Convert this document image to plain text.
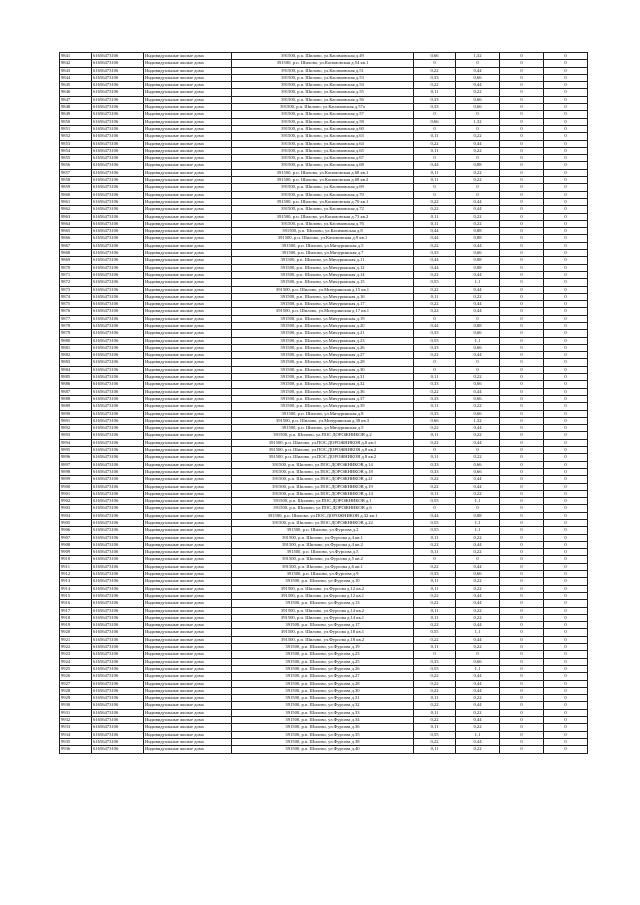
9841	61656473106	Индивидуальные жилые дома	391500, р.п. Шилово, ул.Касимовская д.49	0,66	1,32	0	0
9842	61656473106	Индивидуальные жилые дома	391500, р.п. Шилово, ул.Касимовская д.54 кв.1	0	0	0	0
9843	61656473106	Индивидуальные жилые дома	391500, р.п. Шилово, ул.Касимовская д.51	0,22	0,44	0	0
9844	61656473106	Индивидуальные жилые дома	391500, р.п. Шилово, ул.Касимовская д.53	0,33	0,66	0	0
9845	61656473106	Индивидуальные жилые дома	391500, р.п. Шилово, ул.Касимовская д.54	0,22	0,44	0	0
9846	61656473106	Индивидуальные жилые дома	391500, р.п. Шилово, ул.Касимовская д.55	0,11	0,22	0	0
9847	61656473106	Индивидуальные жилые дома	391500, р.п. Шилово, ул.Касимовская д.56	0,33	0,66	0	0
9848	61656473106	Индивидуальные жилые дома	391500, р.п. Шилово, ул.Касимовская д.57а	0,33	0,66	0	0
9849	61656473106	Индивидуальные жилые дома	391500, р.п. Шилово, ул.Касимовская д.57	0	0	0	0
9850	61656473106	Индивидуальные жилые дома	391500, р.п. Шилово, ул.Касимовская д.58	0,66	1,32	0	0
9851	61656473106	Индивидуальные жилые дома	391500, р.п. Шилово, ул.Касимовская д.60	0	0	0	0
9852	61656473106	Индивидуальные жилые дома	391500, р.п. Шилово, ул.Касимовская д.63	0,11	0,22	0	0
9853	61656473106	Индивидуальные жилые дома	391500, р.п. Шилово, ул.Касимовская д.64	0,22	0,44	0	0
9854	61656473106	Индивидуальные жилые дома	391500, р.п. Шилово, ул.Касимовская д.65	0,11	0,22	0	0
9855	61656473106	Индивидуальные жилые дома	391500, р.п. Шилово, ул.Касимовская д.67	0	0	0	0
9856	61656473106	Индивидуальные жилые дома	391500, р.п. Шилово, ул.Касимовская д.68	0,44	0,88	0	0
9857	61656473106	Индивидуальные жилые дома	391500, р.п. Шилово, ул.Касимовская д.68 кв.1	0,11	0,22	0	0
9858	61656473106	Индивидуальные жилые дома	391500, р.п. Шилово, ул.Касимовская д.68 кв.2	0,11	0,22	0	0
9859	61656473106	Индивидуальные жилые дома	391500, р.п. Шилово, ул.Касимовская д.69	0	0	0	0
9860	61656473106	Индивидуальные жилые дома	391500, р.п. Шилово, ул.Касимовская д.70	0	0	0	0
9861	61656473106	Индивидуальные жилые дома	391500, р.п. Шилово, ул.Касимовская д.70 кв.1	0,22	0,44	0	0
9862	61656473106	Индивидуальные жилые дома	391500, р.п. Шилово, ул.Касимовская д.72	0,22	0,44	0	0
9863	61656473106	Индивидуальные жилые дома	391500, р.п. Шилово, ул.Касимовская д.73 кв.2	0,11	0,22	0	0
9864	61656473106	Индивидуальные жилые дома	391500, р.п. Шилово, ул.Касимовская д.76	0,11	0,22	0	0
9865	61656473106	Индивидуальные жилые дома	391500, р.п. Шилово, ул.Касимовская д.8	0,44	0,88	0	0
9866	61656473106	Индивидуальные жилые дома	391500, р.п. Шилово, ул.Касимовская д.9 кв.1	0,44	0,88	0	0
9867	61656473106	Индивидуальные жилые дома	391500, р.п. Шилово, ул.Мичуринская д.5	0,22	0,44	0	0
9868	61656473106	Индивидуальные жилые дома	391500, р.п. Шилово, ул.Мичуринская д.7	0,33	0,66	0	0
9869	61656473106	Индивидуальные жилые дома	391500, р.п. Шилово, ул.Мичуринская д.11	0,44	0,88	0	0
9870	61656473106	Индивидуальные жилые дома	391500, р.п. Шилово, ул.Мичуринская д.12	0,44	0,88	0	0
9871	61656473106	Индивидуальные жилые дома	391500, р.п. Шилово, ул.Мичуринская д.14	0,22	0,44	0	0
9872	61656473106	Индивидуальные жилые дома	391500, р.п. Шилово, ул.Мичуринская д.15	0,55	1,1	0	0
9873	61656473106	Индивидуальные жилые дома	391500, р.п. Шилово, ул.Мичуринская д.15 кв.1	0,22	0,44	0	0
9874	61656473106	Индивидуальные жилые дома	391500, р.п. Шилово, ул.Мичуринская д.16	0,11	0,22	0	0
9875	61656473106	Индивидуальные жилые дома	391500, р.п. Шилово, ул.Мичуринская д.17	0,22	0,44	0	0
9876	61656473106	Индивидуальные жилые дома	391500, р.п. Шилово, ул.Мичуринская д.17 кв.1	0,22	0,44	0	0
9877	61656473106	Индивидуальные жилые дома	391500, р.п. Шилово, ул.Мичуринская д.19	0	0	0	0
9878	61656473106	Индивидуальные жилые дома	391500, р.п. Шилово, ул.Мичуринская д.20	0,44	0,88	0	0
9879	61656473106	Индивидуальные жилые дома	391500, р.п. Шилово, ул.Мичуринская д.21	0,33	0,66	0	0
9880	61656473106	Индивидуальные жилые дома	391500, р.п. Шилово, ул.Мичуринская д.23	0,55	1,1	0	0
9881	61656473106	Индивидуальные жилые дома	391500, р.п. Шилово, ул.Мичуринская д.26	0,33	0,66	0	0
9882	61656473106	Индивидуальные жилые дома	391500, р.п. Шилово, ул.Мичуринская д.27	0,22	0,44	0	0
9883	61656473106	Индивидуальные жилые дома	391500, р.п. Шилово, ул.Мичуринская д.28	0	0	0	0
9884	61656473106	Индивидуальные жилые дома	391500, р.п. Шилово, ул.Мичуринская д.30	0	0	0	0
9885	61656473106	Индивидуальные жилые дома	391500, р.п. Шилово, ул.Мичуринская д.31	0,11	0,22	0	0
9886	61656473106	Индивидуальные жилые дома	391500, р.п. Шилово, ул.Мичуринская д.32	0,33	0,66	0	0
9887	61656473106	Индивидуальные жилые дома	391500, р.п. Шилово, ул.Мичуринская д.36	0,22	0,44	0	0
9888	61656473106	Индивидуальные жилые дома	391500, р.п. Шилово, ул.Мичуринская д.37	0,33	0,66	0	0
9889	61656473106	Индивидуальные жилые дома	391500, р.п. Шилово, ул.Мичуринская д.39	0,11	0,22	0	0
9890	61656473106	Индивидуальные жилые дома	391500, р.п. Шилово, ул.Мичуринская д.8	0,33	0,66	0	0
9891	61656473106	Индивидуальные жилые дома	391500, р.п. Шилово, ул.Мичуринская д.38 кв.3	0,66	1,32	0	0
9892	61656473106	Индивидуальные жилые дома	391500, р.п. Шилово, ул.Мичуринская д.5	0,22	0,44	0	0
9893	61656473106	Индивидуальные жилые дома	391500, р.п. Шилово, ул.ПОС.ДОРОЖНИКОВ д.2	0,11	0,22	0	0
9894	61656473106	Индивидуальные жилые дома	391500, р.п. Шилово, ул.ПОС.ДОРОЖНИКОВ д.8 кв.1	0,22	0,44	0	0
9895	61656473106	Индивидуальные жилые дома	391500, р.п. Шилово, ул.ПОС.ДОРОЖНИКОВ д.8 кв.2	0	0	0	0
9896	61656473106	Индивидуальные жилые дома	391500, р.п. Шилово, ул.ПОС.ДОРОЖНИКОВ д.8 кв.2	0,11	0,22	0	0
9897	61656473106	Индивидуальные жилые дома	391500, р.п. Шилово, ул.ПОС.ДОРОЖНИКОВ д.14	0,33	0,66	0	0
9898	61656473106	Индивидуальные жилые дома	391500, р.п. Шилово, ул.ПОС.ДОРОЖНИКОВ д.18	0,33	0,66	0	0
9899	61656473106	Индивидуальные жилые дома	391500, р.п. Шилово, ул.ПОС.ДОРОЖНИКОВ д.21	0,22	0,44	0	0
9900	61656473106	Индивидуальные жилые дома	391500, р.п. Шилово, ул.ПОС.ДОРОЖНИКОВ д.19	0,22	0,44	0	0
9901	61656473106	Индивидуальные жилые дома	391500, р.п. Шилово, ул.ПОС.ДОРОЖНИКОВ д.14	0,11	0,22	0	0
9902	61656473106	Индивидуальные жилые дома	391500, р.п. Шилово, ул.ПОС.ДОРОЖНИКОВ д.1	0,55	1,1	0	0
9903	61656473106	Индивидуальные жилые дома	391500, р.п. Шилово, ул.ПОС.ДОРОЖНИКОВ д.6	0	0	0	0
9904	61656473106	Индивидуальные жилые дома	391500, р.п. Шилово, ул.ПОС.ДОРОЖНИКОВ д.32 кв.1	0,44	0,88	0	0
9905	61656473106	Индивидуальные жилые дома	391500, р.п. Шилово, ул.ПОС.ДОРОЖНИКОВ д.22	0,55	1,1	0	0
9906	61656473106	Индивидуальные жилые дома	391500, р.п. Шилово, ул.Фурсова д.2	0,55	1,1	0	0
9907	61656473106	Индивидуальные жилые дома	391500, р.п. Шилово, ул.Фурсова д.4 кв.1	0,11	0,22	0	0
9908	61656473106	Индивидуальные жилые дома	391500, р.п. Шилово, ул.Фурсова д.4 кв.2	0,22	0,44	0	0
9909	61656473106	Индивидуальные жилые дома	391500, р.п. Шилово, ул.Фурсова д.5	0,11	0,22	0	0
9910	61656473106	Индивидуальные жилые дома	391500, р.п. Шилово, ул.Фурсова д.5 кв.2	0	0	0	0
9911	61656473106	Индивидуальные жилые дома	391500, р.п. Шилово, ул.Фурсова д.6 кв.1	0,22	0,44	0	0
9912	61656473106	Индивидуальные жилые дома	391500, р.п. Шилово, ул.Фурсова д.9	0,33	0,66	0	0
9913	61656473106	Индивидуальные жилые дома	391500, р.п. Шилово, ул.Фурсова д.10	0,11	0,22	0	0
9914	61656473106	Индивидуальные жилые дома	391500, р.п. Шилово, ул.Фурсова д.12 кв.2	0,11	0,22	0	0
9915	61656473106	Индивидуальные жилые дома	391500, р.п. Шилово, ул.Фурсова д.12 кв.1	0,22	0,44	0	0
9916	61656473106	Индивидуальные жилые дома	391500, р.п. Шилово, ул.Фурсова д.13	0,22	0,44	0	0
9917	61656473106	Индивидуальные жилые дома	391500, р.п. Шилово, ул.Фурсова д.14 кв.2	0,11	0,22	0	0
9918	61656473106	Индивидуальные жилые дома	391500, р.п. Шилово, ул.Фурсова д.14 кв.1	0,11	0,22	0	0
9919	61656473106	Индивидуальные жилые дома	391500, р.п. Шилово, ул.Фурсова д.17	0,22	0,44	0	0
9920	61656473106	Индивидуальные жилые дома	391500, р.п. Шилово, ул.Фурсова д.18 кв.1	0,55	1,1	0	0
9921	61656473106	Индивидуальные жилые дома	391500, р.п. Шилово, ул.Фурсова д.18 кв.2	0,22	0,44	0	0
9922	61656473106	Индивидуальные жилые дома	391500, р.п. Шилово, ул.Фурсова д.19	0,11	0,22	0	0
9923	61656473106	Индивидуальные жилые дома	391500, р.п. Шилово, ул.Фурсова д.23	0	0	0	0
9924	61656473106	Индивидуальные жилые дома	391500, р.п. Шилово, ул.Фурсова д.25	0,33	0,66	0	0
9925	61656473106	Индивидуальные жилые дома	391500, р.п. Шилово, ул.Фурсова д.26	0,55	1,1	0	0
9926	61656473106	Индивидуальные жилые дома	391500, р.п. Шилово, ул.Фурсова д.27	0,22	0,44	0	0
9927	61656473106	Индивидуальные жилые дома	391500, р.п. Шилово, ул.Фурсова д.28	0,22	0,44	0	0
9928	61656473106	Индивидуальные жилые дома	391500, р.п. Шилово, ул.Фурсова д.30	0,22	0,44	0	0
9929	61656473106	Индивидуальные жилые дома	391500, р.п. Шилово, ул.Фурсова д.31	0,11	0,22	0	0
9930	61656473106	Индивидуальные жилые дома	391500, р.п. Шилово, ул.Фурсова д.32	0,22	0,44	0	0
9931	61656473106	Индивидуальные жилые дома	391500, р.п. Шилово, ул.Фурсова д.33	0,11	0,22	0	0
9932	61656473106	Индивидуальные жилые дома	391500, р.п. Шилово, ул.Фурсова д.34	0,22	0,44	0	0
9933	61656473106	Индивидуальные жилые дома	391500, р.п. Шилово, ул.Фурсова д.36	0,11	0,22	0	0
9934	61656473106	Индивидуальные жилые дома	391500, р.п. Шилово, ул.Фурсова д.35	0,55	1,1	0	0
9935	61656473106	Индивидуальные жилые дома	391500, р.п. Шилово, ул.Фурсова д.38	0,22	0,44	0	0
9936	61656473106	Индивидуальные жилые дома	391500, р.п. Шилово, ул.Фурсова д.40	0,11	0,22	0	0
